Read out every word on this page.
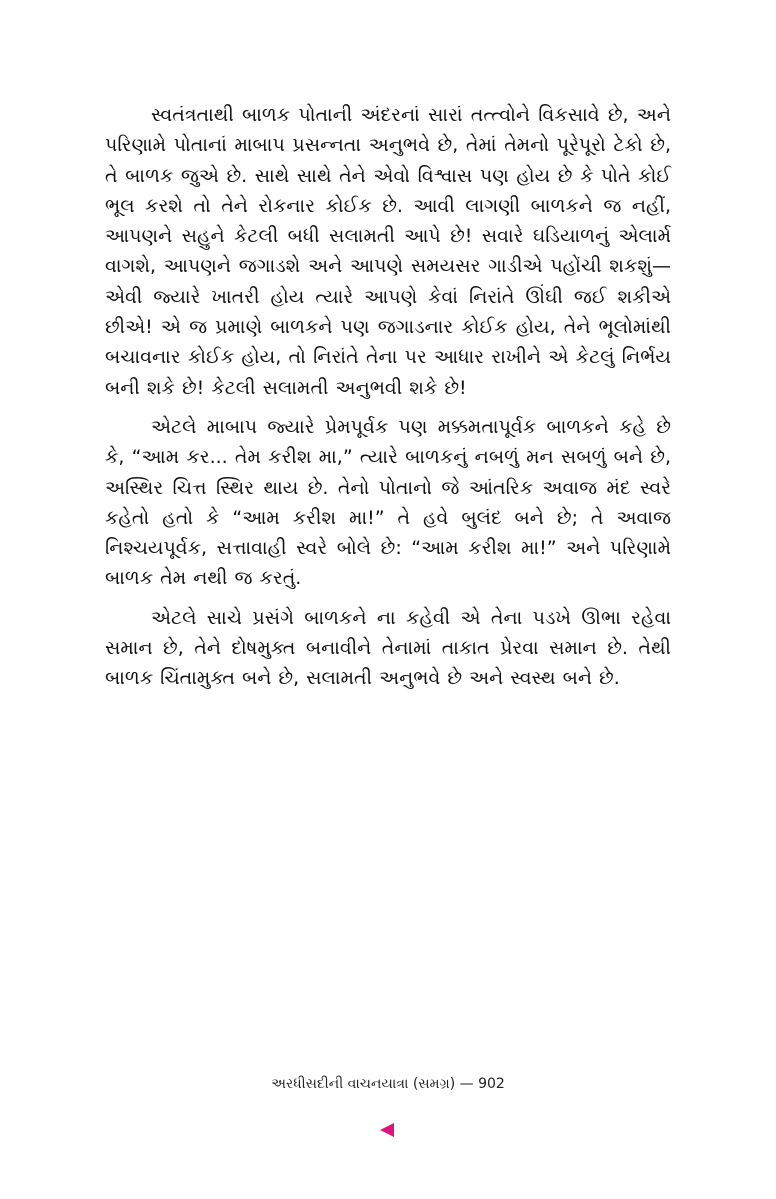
સ્વતંત્રતાથી બાળક પોતાની અંદરનાં સારાં તત્ત્વોને વિકસાવે છે, અને પરિણામે પોતાનાં માબાપ પ્રસન્નતા અનુભવે છે, તેમાં તેમનો પૂરેપૂરો ટેકો છે, તે બાળક જુએ છે. સાથે સાથે તેને એવો વિશ્વાસ પણ હોય છે કે પોતે કોઈ ભૂલ કરશે તો તેને રોકનાર કોઈક છે. આવી લાગણી બાળકને જ નહીં, આપણને સહુને કેટલી બધી સલામતી આપે છે! સવારે ઘડિયાળનું એલાર્મ વાગશે, આપણને જગાડશે અને આપણે સમયસર ગાડીએ પહોંચી શકશું—એવી જ્યારે ખાતરી હોય ત્યારે આપણે કેવાં નિરાંતે ઊંઘી જઈ શકીએ છીએ! એ જ પ્રમાણે બાળકને પણ જગાડનાર કોઈક હોય, તેને ભૂલોમાંથી બચાવનાર કોઈક હોય, તો નિરાંતે તેના પર આધાર રાખીને એ કેટલું નિર્ભય બની શકે છે! કેટલી સલામતી અનુભવી શકે છે!

એટલે માબાપ જ્યારે પ્રેમપૂર્વક પણ મક્કમતાપૂર્વક બાળકને કહે છે કે, “આમ કર... તેમ કરીશ મા,” ત્યારે બાળકનું નબળું મન સબળું બને છે, અસ્થિર ચિત્ત સ્થિર થાય છે. તેનો પોતાનો જે આંતરિક અવાજ મંદ સ્વરે કહેતો હતો કે “આમ કરીશ મા!” તે હવે બુલંદ બને છે; તે અવાજ નિશ્ચયપૂર્વક, સત્તાવાહી સ્વરે બોલે છે: “આમ કરીશ મા!” અને પરિણામે બાળક તેમ નથી જ કરતું.

એટલે સાચે પ્રસંગે બાળકને ના કહેવી એ તેના પડખે ઊભા રહેવા સમાન છે, તેને દોષમુક્ત બનાવીને તેનામાં તાકાત પ્રેરવા સમાન છે. તેથી બાળક ચિંતામુક્ત બને છે, સલામતી અનુભવે છે અને સ્વસ્થ બને છે.

અરધીસદીની વાચનયાત્રા (સમગ્ર) — 902
